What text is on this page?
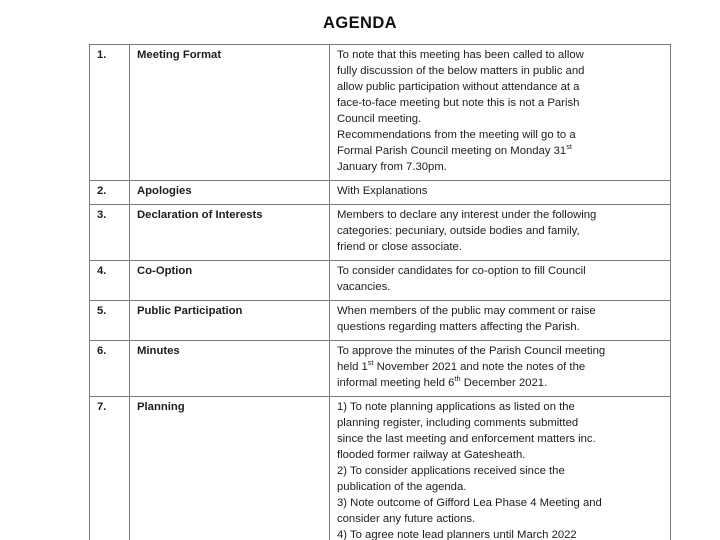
AGENDA
1.	Meeting Format	To note that this meeting has been called to allow
fully discussion of the below matters in public and
allow public participation without attendance at a
face-to-face meeting but note this is not a Parish
Council meeting.
Recommendations from the meeting will go to a
Formal Parish Council meeting on Monday 31st
January from 7.30pm.

2.	Apologies	With Explanations

3.	Declaration of Interests	Members to declare any interest under the following
categories: pecuniary, outside bodies and family,
friend or close associate.

4.	Co-Option	To consider candidates for co-option to fill Council
vacancies.

5.	Public Participation	When members of the public may comment or raise
questions regarding matters affecting the Parish.

6.	Minutes	To approve the minutes of the Parish Council meeting
held 1st November 2021 and note the notes of the
informal meeting held 6th December 2021.

7.	Planning	1) To note planning applications as listed on the
planning register, including comments submitted
since the last meeting and enforcement matters inc.
flooded former railway at Gatesheath.
2) To consider applications received since the
publication of the agenda.
3) Note outcome of Gifford Lea Phase 4 Meeting and
consider any future actions.
4) To agree note lead planners until March 2022
